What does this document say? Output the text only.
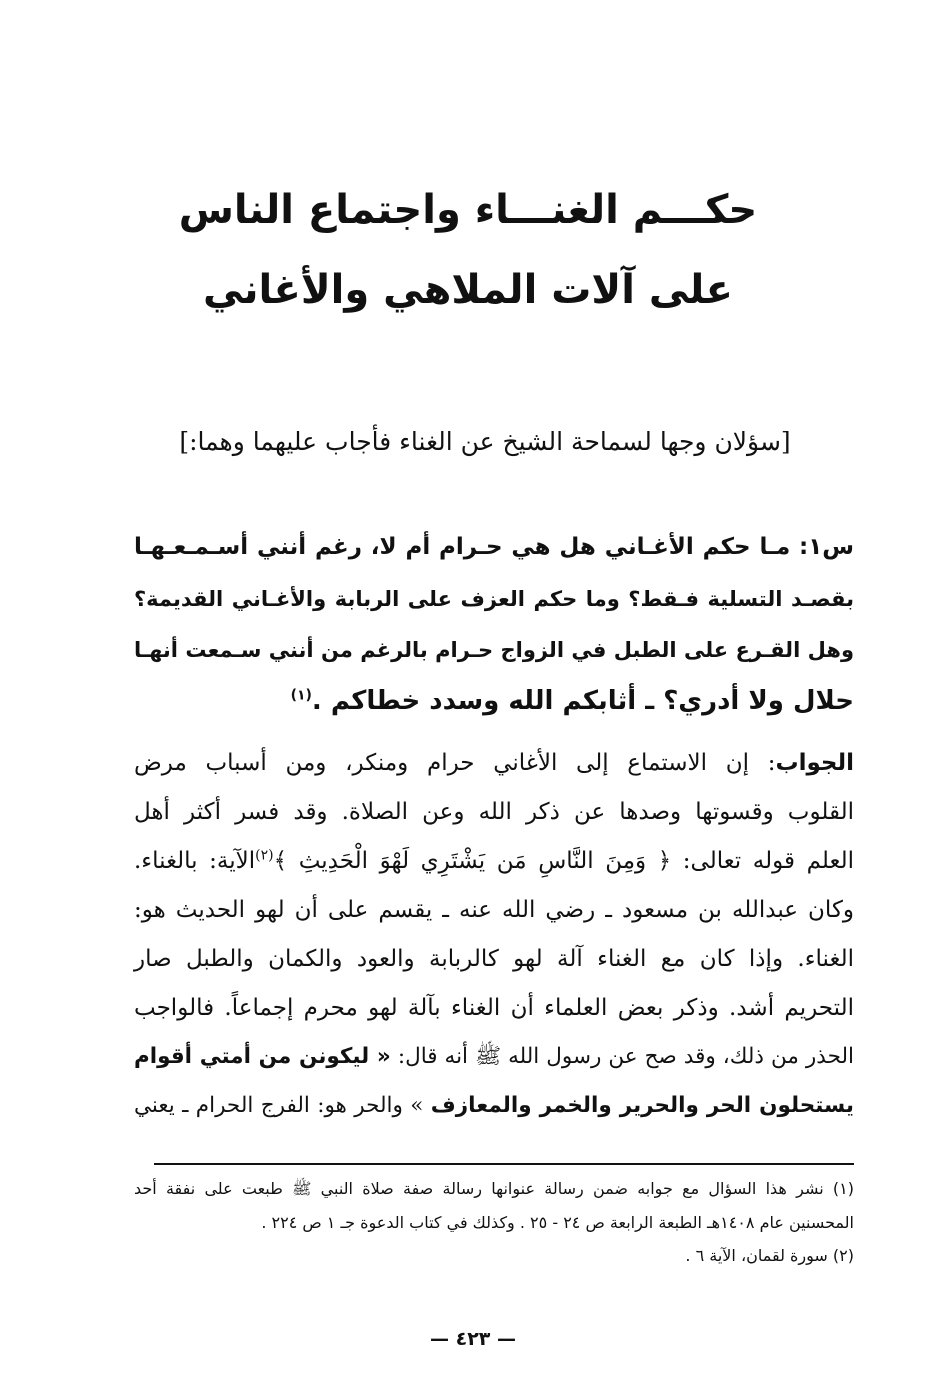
حكـــم الغنـــاء واجتماع الناس
على آلات الملاهي والأغاني
[سؤلان وجها لسماحة الشيخ عن الغناء فأجاب عليهما وهما:]
س١: مـا حكم الأغـاني هل هي حـرام أم لا، رغم أنني أسـمـعـهـا
بقصـد التسلية فـقط؟ وما حكم العزف على الربابة والأغـاني القديمة؟
وهل القـرع على الطبل في الزواج حـرام بالرغم من أنني سـمعت أنهـا
حلال ولا أدري؟ ـ أثابكم الله وسدد خطاكم .$^{(١)}$
الجواب: إن الاستماع إلى الأغاني حرام ومنكر، ومن أسباب مرض
القلوب وقسوتها وصدها عن ذكر الله وعن الصلاة. وقد فسر أكثر أهل
العلم قوله تعالى: ﴿ وَمِنَ النَّاسِ مَن يَشْتَرِي لَهْوَ الْحَدِيثِ ﴾$^{(٢)}$الآية: بالغناء.
وكان عبدالله بن مسعود ـ رضي الله عنه ـ يقسم على أن لهو الحديث هو:
الغناء. وإذا كان مع الغناء آلة لهو كالربابة والعود والكمان والطبل صار
التحريم أشد. وذكر بعض العلماء أن الغناء بآلة لهو محرم إجماعاً. فالواجب
الحذر من ذلك، وقد صح عن رسول الله ﷺ أنه قال: « ليكونن من أمتي أقوام
يستحلون الحر والحرير والخمر والمعازف » والحر هو: الفرج الحرام ـ يعني
(١) نشر هذا السؤال مع جوابه ضمن رسالة عنوانها رسالة صفة صلاة النبي ﷺ طبعت على نفقة أحد
المحسنين عام ١٤٠٨هـ الطبعة الرابعة ص ٢٤ - ٢٥ . وكذلك في كتاب الدعوة جـ ١ ص ٢٢٤ .
(٢) سورة لقمان، الآية ٦ .
— ٤٢٣ —
